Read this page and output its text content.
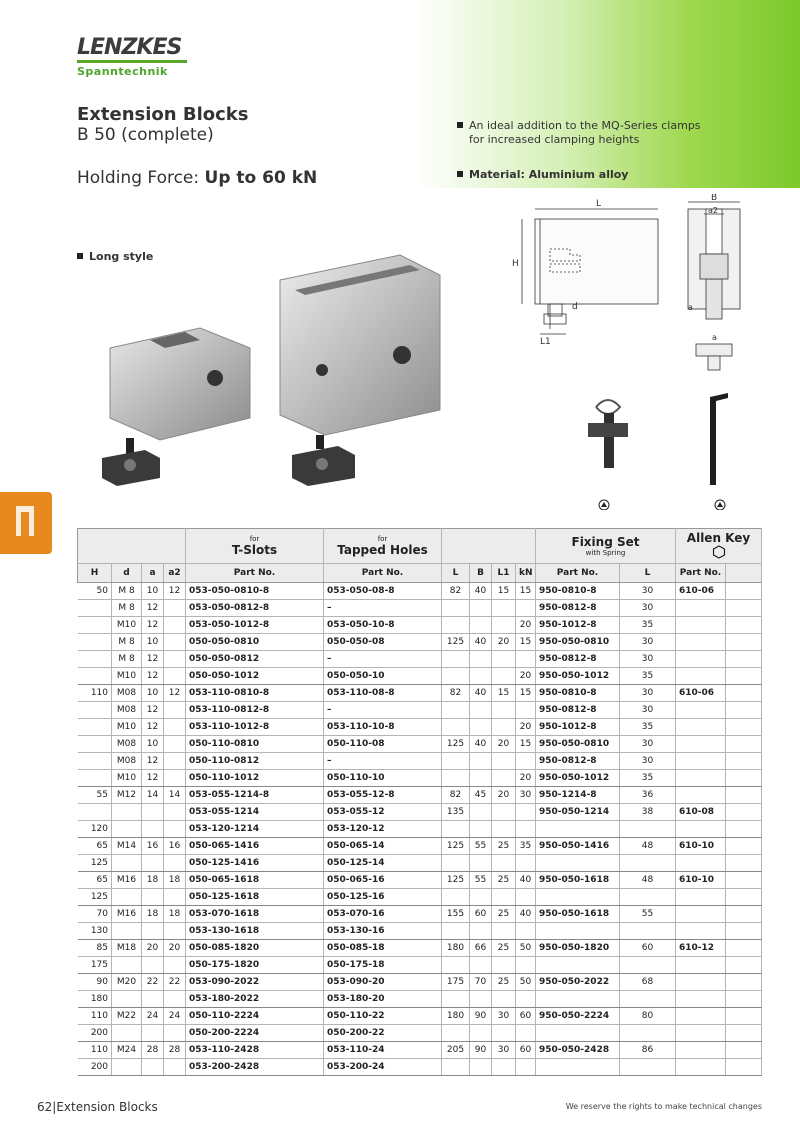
LENZKES
Spanntechnik
Extension Blocks
B 50 (complete)
Holding Force: Up to 60 kN
An ideal addition to the MQ-Series clamps
for increased clamping heights
Material: Aluminium alloy
Long style
L
B
a2
H
d
L1
a
a

				for
T-Slots	for
Tapped Holes					Fixing Set
with Spring		Allen Key	

H	d	a	a2	Part No.	Part No.	L	B	L1	kN	Part No.	L	Part No.	
50	M 8	10	12	053-050-0810-8	053-050-08-8	82	40	15	15	950-0810-8	30	610-06	
	M 8	12		053-050-0812-8	–					950-0812-8	30		
	M10	12		053-050-1012-8	053-050-10-8				20	950-1012-8	35		
	M 8	10		050-050-0810	050-050-08	125	40	20	15	950-050-0810	30		
	M 8	12		050-050-0812	–					950-0812-8	30		
	M10	12		050-050-1012	050-050-10				20	950-050-1012	35		
110	M08	10	12	053-110-0810-8	053-110-08-8	82	40	15	15	950-0810-8	30	610-06	
	M08	12		053-110-0812-8	–					950-0812-8	30		
	M10	12		053-110-1012-8	053-110-10-8				20	950-1012-8	35		
	M08	10		050-110-0810	050-110-08	125	40	20	15	950-050-0810	30		
	M08	12		050-110-0812	–					950-0812-8	30		
	M10	12		050-110-1012	050-110-10				20	950-050-1012	35		
55	M12	14	14	053-055-1214-8	053-055-12-8	82	45	20	30	950-1214-8	36		
				053-055-1214	053-055-12	135				950-050-1214	38	610-08	
120				053-120-1214	053-120-12								
65	M14	16	16	050-065-1416	050-065-14	125	55	25	35	950-050-1416	48	610-10	
125				050-125-1416	050-125-14								
65	M16	18	18	050-065-1618	050-065-16	125	55	25	40	950-050-1618	48	610-10	
125				050-125-1618	050-125-16								
70	M16	18	18	053-070-1618	053-070-16	155	60	25	40	950-050-1618	55		
130				053-130-1618	053-130-16								
85	M18	20	20	050-085-1820	050-085-18	180	66	25	50	950-050-1820	60	610-12	
175				050-175-1820	050-175-18								
90	M20	22	22	053-090-2022	053-090-20	175	70	25	50	950-050-2022	68		
180				053-180-2022	053-180-20								
110	M22	24	24	050-110-2224	050-110-22	180	90	30	60	950-050-2224	80		
200				050-200-2224	050-200-22								
110	M24	28	28	053-110-2428	053-110-24	205	90	30	60	950-050-2428	86		
200				053-200-2428	053-200-24								
62|Extension Blocks	We reserve the rights to make technical changes
